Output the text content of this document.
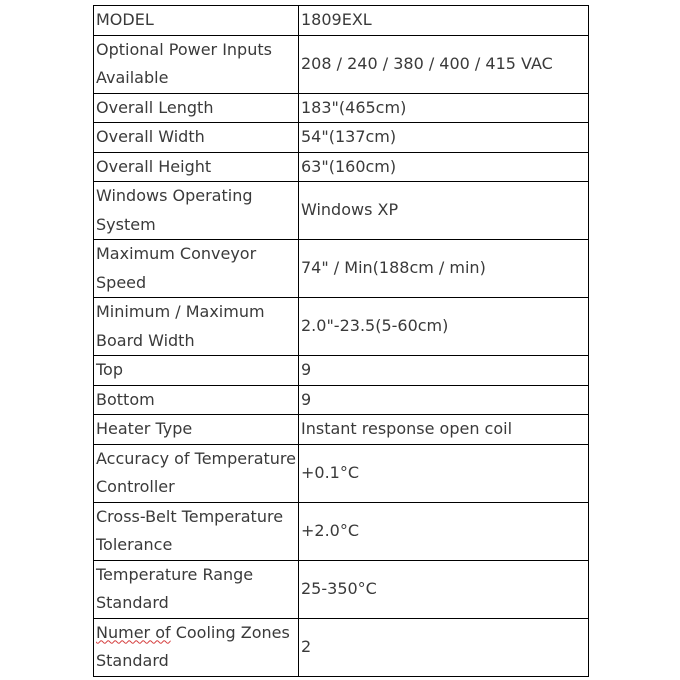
MODEL	1809EXL
Optional Power Inputs Available	208 / 240 / 380 / 400 / 415 VAC
Overall Length	183"(465cm)
Overall Width	54"(137cm)
Overall Height	63"(160cm)
Windows Operating System	Windows XP
Maximum Conveyor Speed	74" / Min(188cm / min)
Minimum / Maximum Board Width	2.0"-23.5(5-60cm)
Top	9
Bottom	9
Heater Type	Instant response open coil
Accuracy of Temperature Controller	+0.1°C
Cross-Belt Temperature Tolerance	+2.0°C
Temperature Range Standard	25-350°C
Numer of Cooling Zones Standard	2
